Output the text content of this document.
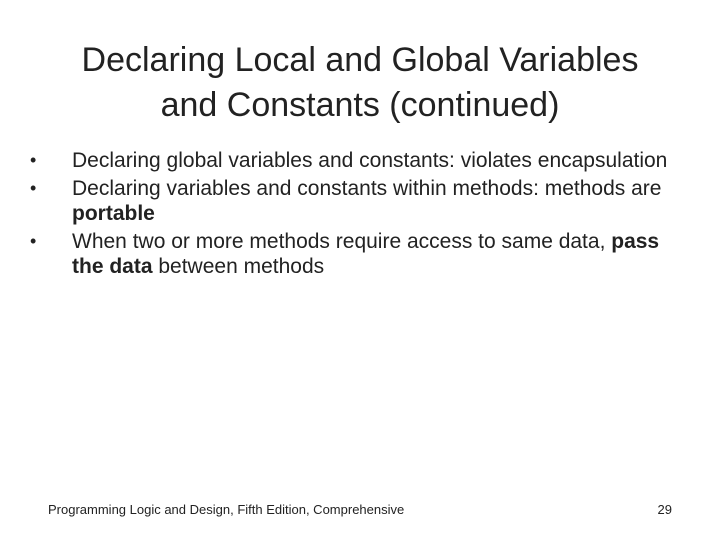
Declaring Local and Global Variables
and Constants (continued)
• Declaring global variables and constants: violates encapsulation
• Declaring variables and constants within methods: methods are portable
• When two or more methods require access to same data, pass the data between methods
Programming Logic and Design, Fifth Edition, Comprehensive	29
